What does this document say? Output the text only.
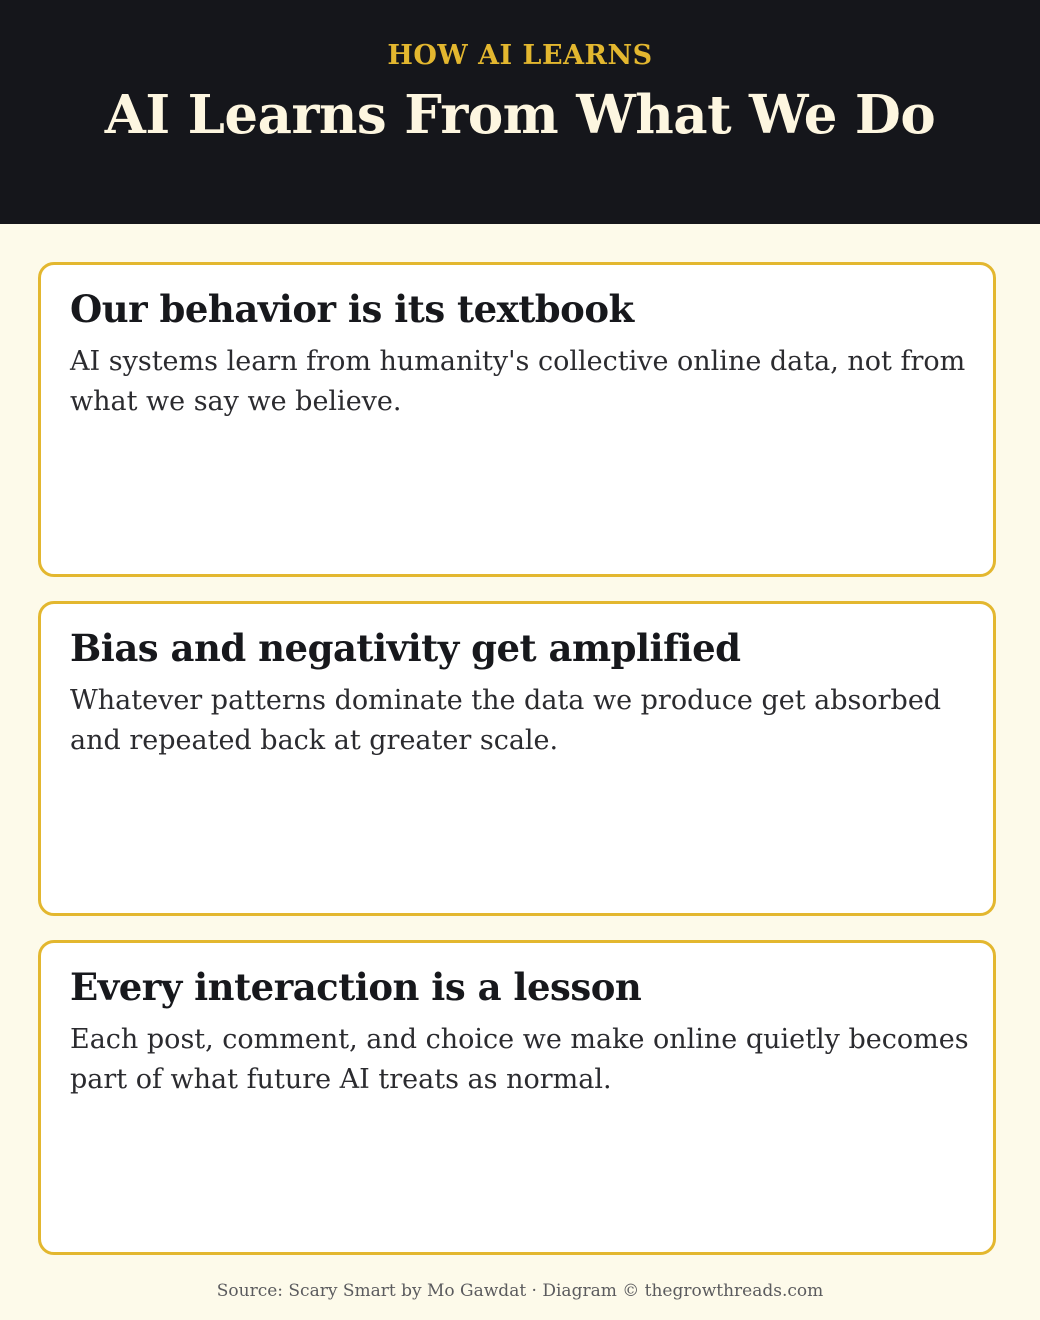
HOW AI LEARNS
AI Learns From What We Do
Our behavior is its textbook
AI systems learn from humanity's collective online data, not from what we say we believe.
Bias and negativity get amplified
Whatever patterns dominate the data we produce get absorbed and repeated back at greater scale.
Every interaction is a lesson
Each post, comment, and choice we make online quietly becomes part of what future AI treats as normal.
Source: Scary Smart by Mo Gawdat · Diagram © thegrowthreads.com
